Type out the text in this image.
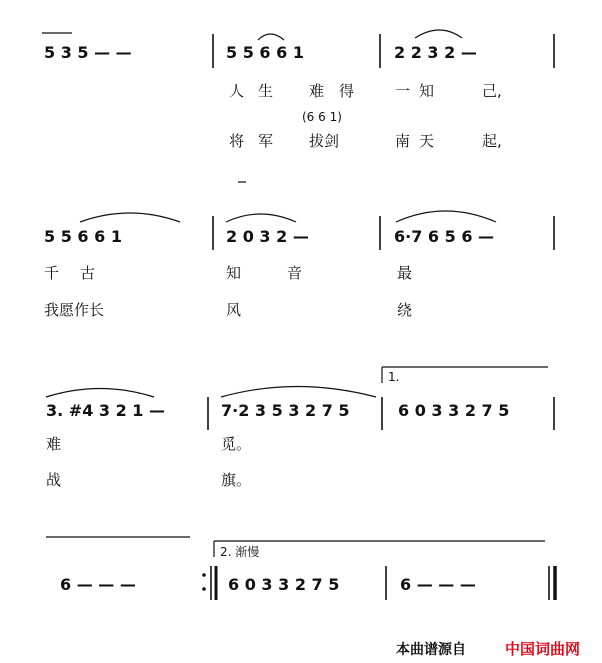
5 3 5 — —	5 5 6 6 1	2 2 3 2 —
人 生 难 得	一 知	己,
(6 6 1)
将 军 拔剑	南 天	起,
5 5 6 6 1	2 0 3 2 —	6·7 6 5 6 —
千 古	知	音	最
我愿作长	风	绕
1.
3. #4 3 2 1 —	7·2 3 5 3 2 7 5	6 0 3 3 2 7 5
难	觅。
战	旗。
2. 渐慢
6 — — —	6 0 3 3 2 7 5	6 — — —
本曲谱源自	中国词曲网
